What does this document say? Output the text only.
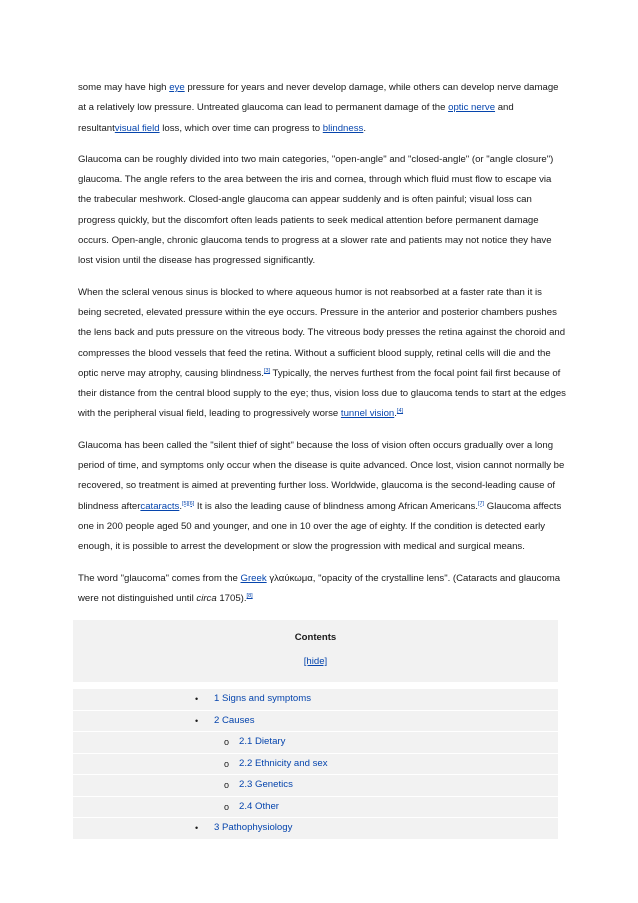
some may have high eye pressure for years and never develop damage, while others can develop nerve damage at a relatively low pressure. Untreated glaucoma can lead to permanent damage of the optic nerve and resultantvisual field loss, which over time can progress to blindness.

Glaucoma can be roughly divided into two main categories, "open-angle" and "closed-angle" (or "angle closure") glaucoma. The angle refers to the area between the iris and cornea, through which fluid must flow to escape via the trabecular meshwork. Closed-angle glaucoma can appear suddenly and is often painful; visual loss can progress quickly, but the discomfort often leads patients to seek medical attention before permanent damage occurs. Open-angle, chronic glaucoma tends to progress at a slower rate and patients may not notice they have lost vision until the disease has progressed significantly.

When the scleral venous sinus is blocked to where aqueous humor is not reabsorbed at a faster rate than it is being secreted, elevated pressure within the eye occurs. Pressure in the anterior and posterior chambers pushes the lens back and puts pressure on the vitreous body. The vitreous body presses the retina against the choroid and compresses the blood vessels that feed the retina. Without a sufficient blood supply, retinal cells will die and the optic nerve may atrophy, causing blindness.[3] Typically, the nerves furthest from the focal point fail first because of their distance from the central blood supply to the eye; thus, vision loss due to glaucoma tends to start at the edges with the peripheral visual field, leading to progressively worse tunnel vision.[4]

Glaucoma has been called the "silent thief of sight" because the loss of vision often occurs gradually over a long period of time, and symptoms only occur when the disease is quite advanced. Once lost, vision cannot normally be recovered, so treatment is aimed at preventing further loss. Worldwide, glaucoma is the second-leading cause of blindness aftercataracts.[5][6] It is also the leading cause of blindness among African Americans.[7] Glaucoma affects one in 200 people aged 50 and younger, and one in 10 over the age of eighty. If the condition is detected early enough, it is possible to arrest the development or slow the progression with medical and surgical means.

The word "glaucoma" comes from the Greek γλαύκωμα, "opacity of the crystalline lens". (Cataracts and glaucoma were not distinguished until circa 1705).[8]

Contents
[hide]
• 1 Signs and symptoms
• 2 Causes
o 2.1 Dietary
o 2.2 Ethnicity and sex
o 2.3 Genetics
o 2.4 Other
• 3 Pathophysiology
